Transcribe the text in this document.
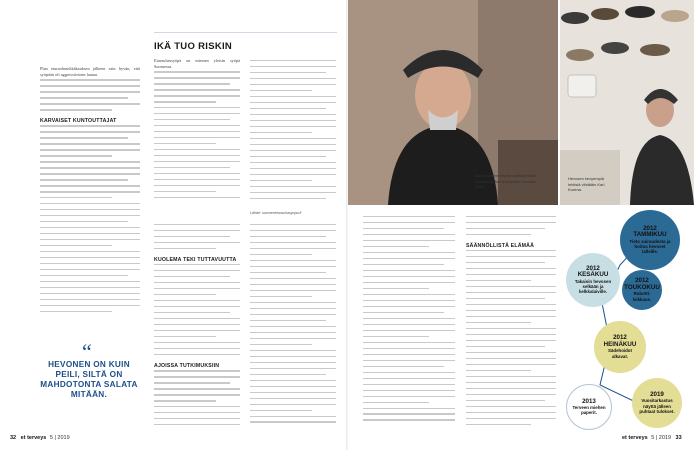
Plan eturauhasekkäkauksen jälkeen sain hyvän, että syöpään oli aggressiivinen laatua.

KARVAISET KUNTOUTTAJAT
“
HEVONEN ON KUIN PEILI, SILTÄ ON MAHDOTONTA SALATA MITÄÄN.
IKÄ TUO RISKIN

Eturauhassyöpä on miesten yleisin syöpä Suomessa.

Lähde: suomeneturauhasyopa.fi
KUOLEMA TEKI TUTTAVUUTTA
AJOISSA TUTKIMUKSIIN
Kurimalaisen elämä mullistui Kalle Kurenin ja Jari Kolmekkin hevosen 2012.
Hevosen kevyempiä lehtisiä vihitääin Kari Kurena.
SÄÄNNÖLLISTÄ ELÄMÄÄ
2012
TAMMIKUU
Tieto sairaudesta ja hoitoa hevoset talleille.
2012
KESÄKUU
Takaisin hevosen selkään ja kelkkalaiville.
2012
TOUKOKUU
Robotti-leikkaus.
2012
HEINÄKUU
Sädehoidot alkavat.
2013
Terveen miehen paperit.
2019
Vuositarkastus näyttä jälleen puhtaat tulokset.
32 et terveys 5 | 2019	et terveys 5 | 2019 33
